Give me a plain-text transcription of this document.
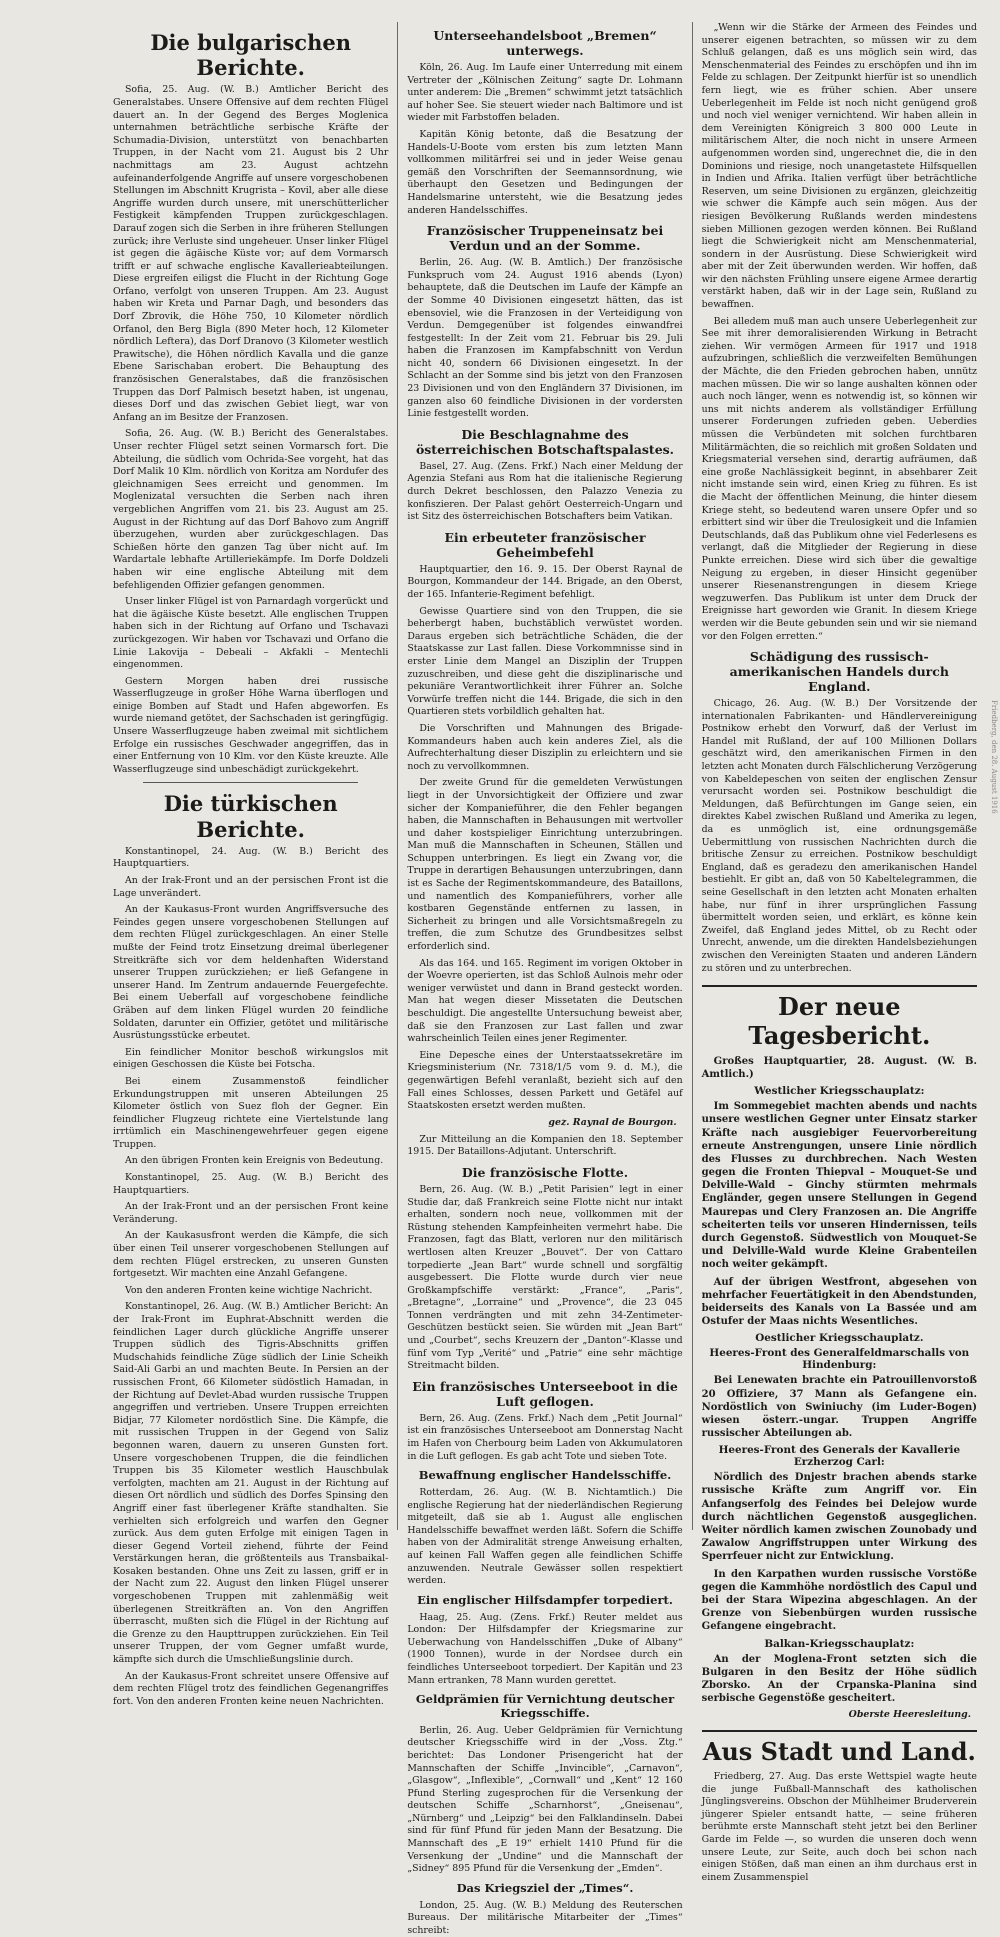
Die bulgarischen Berichte.

Sofia, 25. Aug. (W. B.) Amtlicher Bericht des Generalstabes. Unsere Offensive auf dem rechten Flügel dauert an. In der Gegend des Berges Moglenica unternahmen beträchtliche serbische Kräfte der Schumadia-Division, unterstützt von benachbarten Truppen, in der Nacht vom 21. August bis 2 Uhr nachmittags am 23. August achtzehn aufeinanderfolgende Angriffe auf unsere vorgeschobenen Stellungen im Abschnitt Krugrista – Kovil, aber alle diese Angriffe wurden durch unsere, mit unerschütterlicher Festigkeit kämpfenden Truppen zurückgeschlagen. Darauf zogen sich die Serben in ihre früheren Stellungen zurück; ihre Verluste sind ungeheuer. Unser linker Flügel ist gegen die ägäische Küste vor; auf dem Vormarsch trifft er auf schwache englische Kavallerieabteilungen. Diese ergreifen eiligst die Flucht in der Richtung Goge Orfano, verfolgt von unseren Truppen. Am 23. August haben wir Kreta und Parnar Dagh, und besonders das Dorf Zbrovik, die Höhe 750, 10 Kilometer nördlich Orfanol, den Berg Bigla (890 Meter hoch, 12 Kilometer nördlich Leftera), das Dorf Dranovo (3 Kilometer westlich Prawitsche), die Höhen nördlich Kavalla und die ganze Ebene Sarischaban erobert. Die Behauptung des französischen Generalstabes, daß die französischen Truppen das Dorf Palmisch besetzt haben, ist ungenau, dieses Dorf und das zwischen Gebiet liegt, war von Anfang an im Besitze der Franzosen.

Sofia, 26. Aug. (W. B.) Bericht des Generalstabes. Unser rechter Flügel setzt seinen Vormarsch fort. Die Abteilung, die südlich vom Ochrida-See vorgeht, hat das Dorf Malik 10 Klm. nördlich von Koritza am Nordufer des gleichnamigen Sees erreicht und genommen. Im Moglenizatal versuchten die Serben nach ihren vergeblichen Angriffen vom 21. bis 23. August am 25. August in der Richtung auf das Dorf Bahovo zum Angriff überzugehen, wurden aber zurückgeschlagen. Das Schießen hörte den ganzen Tag über nicht auf. Im Wardartale lebhafte Artilleriekämpfe. Im Dorfe Doldzeli haben wir eine englische Abteilung mit dem befehligenden Offizier gefangen genommen.

Unser linker Flügel ist von Parnardagh vorgerückt und hat die ägäische Küste besetzt. Alle englischen Truppen haben sich in der Richtung auf Orfano und Tschavazi zurückgezogen. Wir haben vor Tschavazi und Orfano die Linie Lakovija – Debeali – Akfakli – Mentechli eingenommen.

Gestern Morgen haben drei russische Wasserflugzeuge in großer Höhe Warna überflogen und einige Bomben auf Stadt und Hafen abgeworfen. Es wurde niemand getötet, der Sachschaden ist geringfügig. Unsere Wasserflugzeuge haben zweimal mit sichtlichem Erfolge ein russisches Geschwader angegriffen, das in einer Entfernung von 10 Klm. vor den Küste kreuzte. Alle Wasserflugzeuge sind unbeschädigt zurückgekehrt.

Die türkischen Berichte.

Konstantinopel, 24. Aug. (W. B.) Bericht des Hauptquartiers.

An der Irak-Front und an der persischen Front ist die Lage unverändert.

An der Kaukasus-Front wurden Angriffsversuche des Feindes gegen unsere vorgeschobenen Stellungen auf dem rechten Flügel zurückgeschlagen. An einer Stelle mußte der Feind trotz Einsetzung dreimal überlegener Streitkräfte sich vor dem heldenhaften Widerstand unserer Truppen zurückziehen; er ließ Gefangene in unserer Hand. Im Zentrum andauernde Feuergefechte. Bei einem Ueberfall auf vorgeschobene feindliche Gräben auf dem linken Flügel wurden 20 feindliche Soldaten, darunter ein Offizier, getötet und militärische Ausrüstungsstücke erbeutet.

Ein feindlicher Monitor beschoß wirkungslos mit einigen Geschossen die Küste bei Fotscha.

Bei einem Zusammenstoß feindlicher Erkundungstruppen mit unseren Abteilungen 25 Kilometer östlich von Suez floh der Gegner. Ein feindlicher Flugzeug richtete eine Viertelstunde lang irrtümlich ein Maschinengewehrfeuer gegen eigene Truppen.

An den übrigen Fronten kein Ereignis von Bedeutung.

Konstantinopel, 25. Aug. (W. B.) Bericht des Hauptquartiers.

An der Irak-Front und an der persischen Front keine Veränderung.

An der Kaukasusfront werden die Kämpfe, die sich über einen Teil unserer vorgeschobenen Stellungen auf dem rechten Flügel erstrecken, zu unseren Gunsten fortgesetzt. Wir machten eine Anzahl Gefangene.

Von den anderen Fronten keine wichtige Nachricht.

Konstantinopel, 26. Aug. (W. B.) Amtlicher Bericht: An der Irak-Front im Euphrat-Abschnitt werden die feindlichen Lager durch glückliche Angriffe unserer Truppen südlich des Tigris-Abschnitts griffen Mudschahids feindliche Züge südlich der Linie Scheikh Said-Ali Garbi an und machten Beute. In Persien an der russischen Front, 66 Kilometer südöstlich Hamadan, in der Richtung auf Devlet-Abad wurden russische Truppen angegriffen und vertrieben. Unsere Truppen erreichten Bidjar, 77 Kilometer nordöstlich Sine. Die Kämpfe, die mit russischen Truppen in der Gegend von Saliz begonnen waren, dauern zu unseren Gunsten fort. Unsere vorgeschobenen Truppen, die die feindlichen Truppen bis 35 Kilometer westlich Hauschbulak verfolgten, machten am 21. August in der Richtung auf diesen Ort nördlich und südlich des Dorfes Spinsing den Angriff einer fast überlegener Kräfte standhalten. Sie verhielten sich erfolgreich und warfen den Gegner zurück. Aus dem guten Erfolge mit einigen Tagen in dieser Gegend Vorteil ziehend, führte der Feind Verstärkungen heran, die größtenteils aus Transbaikal-Kosaken bestanden. Ohne uns Zeit zu lassen, griff er in der Nacht zum 22. August den linken Flügel unserer vorgeschobenen Truppen mit zahlenmäßig weit überlegenen Streitkräften an. Von den Angriffen überrascht, mußten sich die Flügel in der Richtung auf die Grenze zu den Haupttruppen zurückziehen. Ein Teil unserer Truppen, der vom Gegner umfaßt wurde, kämpfte sich durch die Umschließungslinie durch.

An der Kaukasus-Front schreitet unsere Offensive auf dem rechten Flügel trotz des feindlichen Gegenangriffes fort. Von den anderen Fronten keine neuen Nachrichten.

Unterseehandelsboot „Bremen“ unterwegs.

Köln, 26. Aug. Im Laufe einer Unterredung mit einem Vertreter der „Kölnischen Zeitung“ sagte Dr. Lohmann unter anderem: Die „Bremen“ schwimmt jetzt tatsächlich auf hoher See. Sie steuert wieder nach Baltimore und ist wieder mit Farbstoffen beladen.

Kapitän König betonte, daß die Besatzung der Handels-U-Boote vom ersten bis zum letzten Mann vollkommen militärfrei sei und in jeder Weise genau gemäß den Vorschriften der Seemannsordnung, wie überhaupt den Gesetzen und Bedingungen der Handelsmarine untersteht, wie die Besatzung jedes anderen Handelsschiffes.

Französischer Truppeneinsatz bei Verdun und an der Somme.

Berlin, 26. Aug. (W. B. Amtlich.) Der französische Funkspruch vom 24. August 1916 abends (Lyon) behauptete, daß die Deutschen im Laufe der Kämpfe an der Somme 40 Divisionen eingesetzt hätten, das ist ebensoviel, wie die Franzosen in der Verteidigung von Verdun. Demgegenüber ist folgendes einwandfrei festgestellt: In der Zeit vom 21. Februar bis 29. Juli haben die Franzosen im Kampfabschnitt von Verdun nicht 40, sondern 66 Divisionen eingesetzt. In der Schlacht an der Somme sind bis jetzt von den Franzosen 23 Divisionen und von den Engländern 37 Divisionen, im ganzen also 60 feindliche Divisionen in der vordersten Linie festgestellt worden.

Die Beschlagnahme des österreichischen Botschaftspalastes.

Basel, 27. Aug. (Zens. Frkf.) Nach einer Meldung der Agenzia Stefani aus Rom hat die italienische Regierung durch Dekret beschlossen, den Palazzo Venezia zu konfiszieren. Der Palast gehört Oesterreich-Ungarn und ist Sitz des österreichischen Botschafters beim Vatikan.

Ein erbeuteter französischer Geheimbefehl

Hauptquartier, den 16. 9. 15. Der Oberst Raynal de Bourgon, Kommandeur der 144. Brigade, an den Oberst, der 165. Infanterie-Regiment befehligt.

Gewisse Quartiere sind von den Truppen, die sie beherbergt haben, buchstäblich verwüstet worden. Daraus ergeben sich beträchtliche Schäden, die der Staatskasse zur Last fallen. Diese Vorkommnisse sind in erster Linie dem Mangel an Disziplin der Truppen zuzuschreiben, und diese geht die disziplinarische und pekuniäre Verantwortlichkeit ihrer Führer an. Solche Vorwürfe treffen nicht die 144. Brigade, die sich in den Quartieren stets vorbildlich gehalten hat.

Die Vorschriften und Mahnungen des Brigade-Kommandeurs haben auch kein anderes Ziel, als die Aufrechterhaltung dieser Disziplin zu erleichtern und sie noch zu vervollkommnen.

Der zweite Grund für die gemeldeten Verwüstungen liegt in der Unvorsichtigkeit der Offiziere und zwar sicher der Kompanieführer, die den Fehler begangen haben, die Mannschaften in Behausungen mit wertvoller und daher kostspieliger Einrichtung unterzubringen. Man muß die Mannschaften in Scheunen, Ställen und Schuppen unterbringen. Es liegt ein Zwang vor, die Truppe in derartigen Behausungen unterzubringen, dann ist es Sache der Regimentskommandeure, des Bataillons, und namentlich des Kompanieführers, vorher alle kostbaren Gegenstände entfernen zu lassen, in Sicherheit zu bringen und alle Vorsichtsmaßregeln zu treffen, die zum Schutze des Grundbesitzes selbst erforderlich sind.

Als das 164. und 165. Regiment im vorigen Oktober in der Woevre operierten, ist das Schloß Aulnois mehr oder weniger verwüstet und dann in Brand gesteckt worden. Man hat wegen dieser Missetaten die Deutschen beschuldigt. Die angestellte Untersuchung beweist aber, daß sie den Franzosen zur Last fallen und zwar wahrscheinlich Teilen eines jener Regimenter.

Eine Depesche eines der Unterstaatssekretäre im Kriegsministerium (Nr. 7318/1/5 vom 9. d. M.), die gegenwärtigen Befehl veranlaßt, bezieht sich auf den Fall eines Schlosses, dessen Parkett und Getäfel auf Staatskosten ersetzt werden mußten.

gez. Raynal de Bourgon.

Zur Mitteilung an die Kompanien den 18. September 1915. Der Bataillons-Adjutant. Unterschrift.

Die französische Flotte.

Bern, 26. Aug. (W. B.) „Petit Parisien“ legt in einer Studie dar, daß Frankreich seine Flotte nicht nur intakt erhalten, sondern noch neue, vollkommen mit der Rüstung stehenden Kampfeinheiten vermehrt habe. Die Franzosen, fagt das Blatt, verloren nur den militärisch wertlosen alten Kreuzer „Bouvet“. Der von Cattaro torpedierte „Jean Bart“ wurde schnell und sorgfältig ausgebessert. Die Flotte wurde durch vier neue Großkampfschiffe verstärkt: „France“, „Paris“, „Bretagne“, „Lorraine“ und „Provence“, die 23 045 Tonnen verdrängten und mit zehn 34-Zentimeter-Geschützen bestückt seien. Sie würden mit „Jean Bart“ und „Courbet“, sechs Kreuzern der „Danton“-Klasse und fünf vom Typ „Verité“ und „Patrie“ eine sehr mächtige Streitmacht bilden.

Ein französisches Unterseeboot in die Luft geflogen.

Bern, 26. Aug. (Zens. Frkf.) Nach dem „Petit Journal“ ist ein französisches Unterseeboot am Donnerstag Nacht im Hafen von Cherbourg beim Laden von Akkumulatoren in die Luft geflogen. Es gab acht Tote und sieben Tote.

Bewaffnung englischer Handelsschiffe.

Rotterdam, 26. Aug. (W. B. Nichtamtlich.) Die englische Regierung hat der niederländischen Regierung mitgeteilt, daß sie ab 1. August alle englischen Handelsschiffe bewaffnet werden läßt. Sofern die Schiffe haben von der Admiralität strenge Anweisung erhalten, auf keinen Fall Waffen gegen alle feindlichen Schiffe anzuwenden. Neutrale Gewässer sollen respektiert werden.

Ein englischer Hilfsdampfer torpediert.

Haag, 25. Aug. (Zens. Frkf.) Reuter meldet aus London: Der Hilfsdampfer der Kriegsmarine zur Ueberwachung von Handelsschiffen „Duke of Albany“ (1900 Tonnen), wurde in der Nordsee durch ein feindliches Unterseeboot torpediert. Der Kapitän und 23 Mann ertranken, 78 Mann wurden gerettet.

Geldprämien für Vernichtung deutscher Kriegsschiffe.

Berlin, 26. Aug. Ueber Geldprämien für Vernichtung deutscher Kriegsschiffe wird in der „Voss. Ztg.“ berichtet: Das Londoner Prisengericht hat der Mannschaften der Schiffe „Invincible“, „Carnavon“, „Glasgow“, „Inflexible“, „Cornwall“ und „Kent“ 12 160 Pfund Sterling zugesprochen für die Versenkung der deutschen Schiffe „Scharnhorst“, „Gneisenau“, „Nürnberg“ und „Leipzig“ bei den Falklandinseln. Dabei sind für fünf Pfund für jeden Mann der Besatzung. Die Mannschaft des „E 19“ erhielt 1410 Pfund für die Versenkung der „Undine“ und die Mannschaft der „Sidney“ 895 Pfund für die Versenkung der „Emden“.

Das Kriegsziel der „Times“.

London, 25. Aug. (W. B.) Meldung des Reuterschen Bureaus. Der militärische Mitarbeiter der „Times“ schreibt:

„Wenn wir die Stärke der Armeen des Feindes und unserer eigenen betrachten, so müssen wir zu dem Schluß gelangen, daß es uns möglich sein wird, das Menschenmaterial des Feindes zu erschöpfen und ihn im Felde zu schlagen. Der Zeitpunkt hierfür ist so unendlich fern liegt, wie es früher schien. Aber unsere Ueberlegenheit im Felde ist noch nicht genügend groß und noch viel weniger vernichtend. Wir haben allein in dem Vereinigten Königreich 3 800 000 Leute in militärischem Alter, die noch nicht in unsere Armeen aufgenommen worden sind, ungerechnet die, die in den Dominions und riesige, noch unangetastete Hilfsquellen in Indien und Afrika. Italien verfügt über beträchtliche Reserven, um seine Divisionen zu ergänzen, gleichzeitig wie schwer die Kämpfe auch sein mögen. Aus der riesigen Bevölkerung Rußlands werden mindestens sieben Millionen gezogen werden können. Bei Rußland liegt die Schwierigkeit nicht am Menschenmaterial, sondern in der Ausrüstung. Diese Schwierigkeit wird aber mit der Zeit überwunden werden. Wir hoffen, daß wir den nächsten Frühling unsere eigene Armee derartig verstärkt haben, daß wir in der Lage sein, Rußland zu bewaffnen.

Bei alledem muß man auch unsere Ueberlegenheit zur See mit ihrer demoralisierenden Wirkung in Betracht ziehen. Wir vermögen Armeen für 1917 und 1918 aufzubringen, schließlich die verzweifelten Bemühungen der Mächte, die den Frieden gebrochen haben, unnütz machen müssen. Die wir so lange aushalten können oder auch noch länger, wenn es notwendig ist, so können wir uns mit nichts anderem als vollständiger Erfüllung unserer Forderungen zufrieden geben. Ueberdies müssen die Verbündeten mit solchen furchtbaren Militärmächten, die so reichlich mit großen Soldaten und Kriegsmaterial versehen sind, derartig aufräumen, daß eine große Nachlässigkeit beginnt, in absehbarer Zeit nicht imstande sein wird, einen Krieg zu führen. Es ist die Macht der öffentlichen Meinung, die hinter diesem Kriege steht, so bedeutend waren unsere Opfer und so erbittert sind wir über die Treulosigkeit und die Infamien Deutschlands, daß das Publikum ohne viel Federlesens es verlangt, daß die Mitglieder der Regierung in diese Punkte erreichen. Diese wird sich über die gewaltige Neigung zu ergeben, in dieser Hinsicht gegenüber unserer Riesenanstrengungen in diesem Kriege wegzuwerfen. Das Publikum ist unter dem Druck der Ereignisse hart geworden wie Granit. In diesem Kriege werden wir die Beute gebunden sein und wir sie niemand vor den Folgen erretten.“

Schädigung des russisch-amerikanischen Handels durch England.

Chicago, 26. Aug. (W. B.) Der Vorsitzende der internationalen Fabrikanten- und Händlervereinigung Postnikow erhebt den Vorwurf, daß der Verlust im Handel mit Rußland, der auf 100 Millionen Dollars geschätzt wird, den amerikanischen Firmen in den letzten acht Monaten durch Fälschlicherung Verzögerung von Kabeldepeschen von seiten der englischen Zensur verursacht worden sei. Postnikow beschuldigt die Meldungen, daß Befürchtungen im Gange seien, ein direktes Kabel zwischen Rußland und Amerika zu legen, da es unmöglich ist, eine ordnungsgemäße Uebermittlung von russischen Nachrichten durch die britische Zensur zu erreichen. Postnikow beschuldigt England, daß es geradezu den amerikanischen Handel bestiehlt. Er gibt an, daß von 50 Kabeltelegrammen, die seine Gesellschaft in den letzten acht Monaten erhalten habe, nur fünf in ihrer ursprünglichen Fassung übermittelt worden seien, und erklärt, es könne kein Zweifel, daß England jedes Mittel, ob zu Recht oder Unrecht, anwende, um die direkten Handelsbeziehungen zwischen den Vereinigten Staaten und anderen Ländern zu stören und zu unterbrechen.

Der neue Tagesbericht.

Großes Hauptquartier, 28. August. (W. B. Amtlich.)

Westlicher Kriegsschauplatz:

Im Sommegebiet machten abends und nachts unsere westlichen Gegner unter Einsatz starker Kräfte nach ausgiebiger Feuervorbereitung erneute Anstrengungen, unsere Linie nördlich des Flusses zu durchbrechen. Nach Westen gegen die Fronten Thiepval – Mouquet-Se und Delville-Wald – Ginchy stürmten mehrmals Engländer, gegen unsere Stellungen in Gegend Maurepas und Clery Franzosen an. Die Angriffe scheiterten teils vor unseren Hindernissen, teils durch Gegenstoß. Südwestlich von Mouquet-Se und Delville-Wald wurde Kleine Grabenteilen noch weiter gekämpft.

Auf der übrigen Westfront, abgesehen von mehrfacher Feuertätigkeit in den Abendstunden, beiderseits des Kanals von La Bassée und am Ostufer der Maas nichts Wesentliches.

Oestlicher Kriegsschauplatz.
Heeres-Front des Generalfeldmarschalls von Hindenburg:

Bei Lenewaten brachte ein Patrouillenvorstoß 20 Offiziere, 37 Mann als Gefangene ein. Nordöstlich von Swiniuchy (im Luder-Bogen) wiesen österr.-ungar. Truppen Angriffe russischer Abteilungen ab.

Heeres-Front des Generals der Kavallerie Erzherzog Carl:

Nördlich des Dnjestr brachen abends starke russische Kräfte zum Angriff vor. Ein Anfangserfolg des Feindes bei Delejow wurde durch nächtlichen Gegenstoß ausgeglichen. Weiter nördlich kamen zwischen Zounobady und Zawalow Angriffstruppen unter Wirkung des Sperrfeuer nicht zur Entwicklung.

In den Karpathen wurden russische Vorstöße gegen die Kammhöhe nordöstlich des Capul und bei der Stara Wipezina abgeschlagen. An der Grenze von Siebenbürgen wurden russische Gefangene eingebracht.

Balkan-Kriegsschauplatz:

An der Moglena-Front setzten sich die Bulgaren in den Besitz der Höhe südlich Zborsko. An der Crpanska-Planina sind serbische Gegenstöße gescheitert.

Oberste Heeresleitung.
Aus Stadt und Land.

Friedberg, 27. Aug. Das erste Wettspiel wagte heute die junge Fußball-Mannschaft des katholischen Jünglingsvereins. Obschon der Mühlheimer Bruderverein jüngerer Spieler entsandt hatte, — seine früheren berühmte erste Mannschaft steht jetzt bei den Berliner Garde im Felde —, so wurden die unseren doch wenn unsere Leute, zur Seite, auch doch bei schon nach einigen Stößen, daß man einen an ihm durchaus erst in einem Zusammenspiel

Friedberg, den 28. August 1916
